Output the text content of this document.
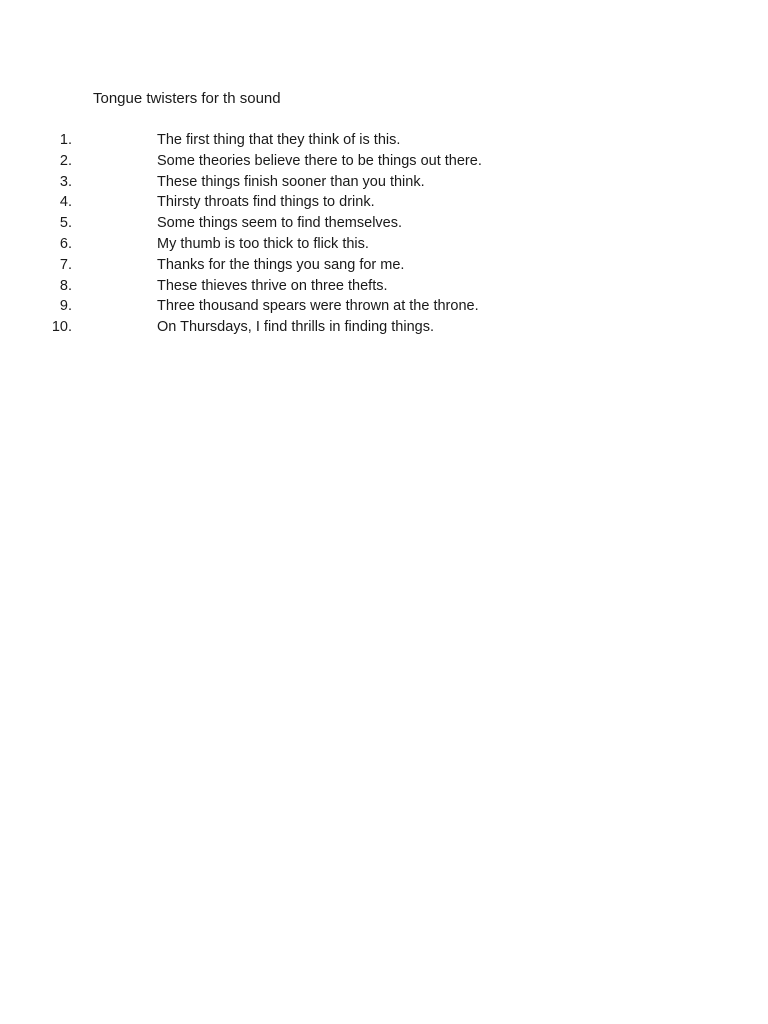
Tongue twisters for th sound
1.	The first thing that they think of is this.
2.	Some theories believe there to be things out there.
3.	These things finish sooner than you think.
4.	Thirsty throats find things to drink.
5.	Some things seem to find themselves.
6.	My thumb is too thick to flick this.
7.	Thanks for the things you sang for me.
8.	These thieves thrive on three thefts.
9.	Three thousand spears were thrown at the throne.
10.	On Thursdays, I find thrills in finding things.
